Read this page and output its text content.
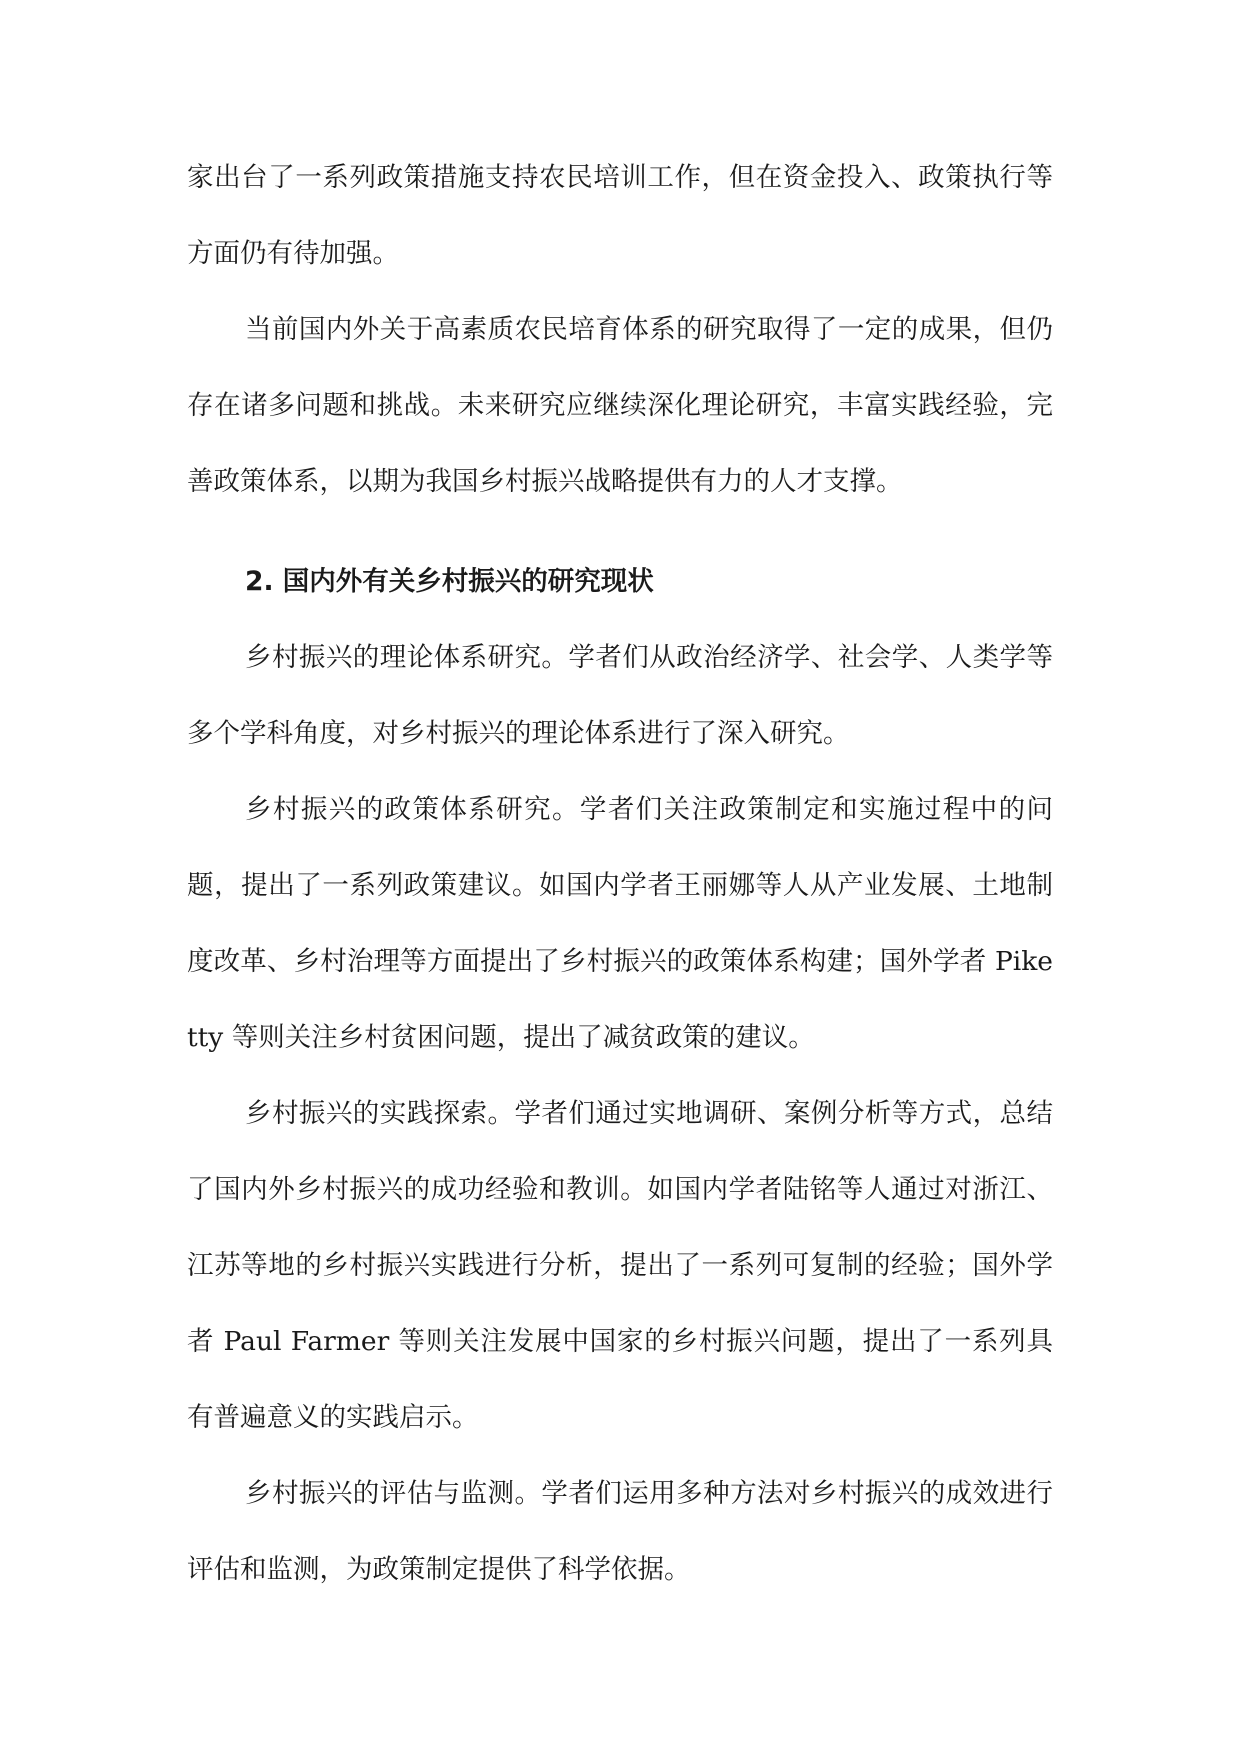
家出台了一系列政策措施支持农民培训工作，但在资金投入、政策执行等方面仍有待加强。

当前国内外关于高素质农民培育体系的研究取得了一定的成果，但仍存在诸多问题和挑战。未来研究应继续深化理论研究，丰富实践经验，完善政策体系，以期为我国乡村振兴战略提供有力的人才支撑。

2. 国内外有关乡村振兴的研究现状

乡村振兴的理论体系研究。学者们从政治经济学、社会学、人类学等多个学科角度，对乡村振兴的理论体系进行了深入研究。

乡村振兴的政策体系研究。学者们关注政策制定和实施过程中的问题，提出了一系列政策建议。如国内学者王丽娜等人从产业发展、土地制度改革、乡村治理等方面提出了乡村振兴的政策体系构建；国外学者 Piketty 等则关注乡村贫困问题，提出了减贫政策的建议。

乡村振兴的实践探索。学者们通过实地调研、案例分析等方式，总结了国内外乡村振兴的成功经验和教训。如国内学者陆铭等人通过对浙江、江苏等地的乡村振兴实践进行分析，提出了一系列可复制的经验；国外学者 Paul Farmer 等则关注发展中国家的乡村振兴问题，提出了一系列具有普遍意义的实践启示。

乡村振兴的评估与监测。学者们运用多种方法对乡村振兴的成效进行评估和监测，为政策制定提供了科学依据。
